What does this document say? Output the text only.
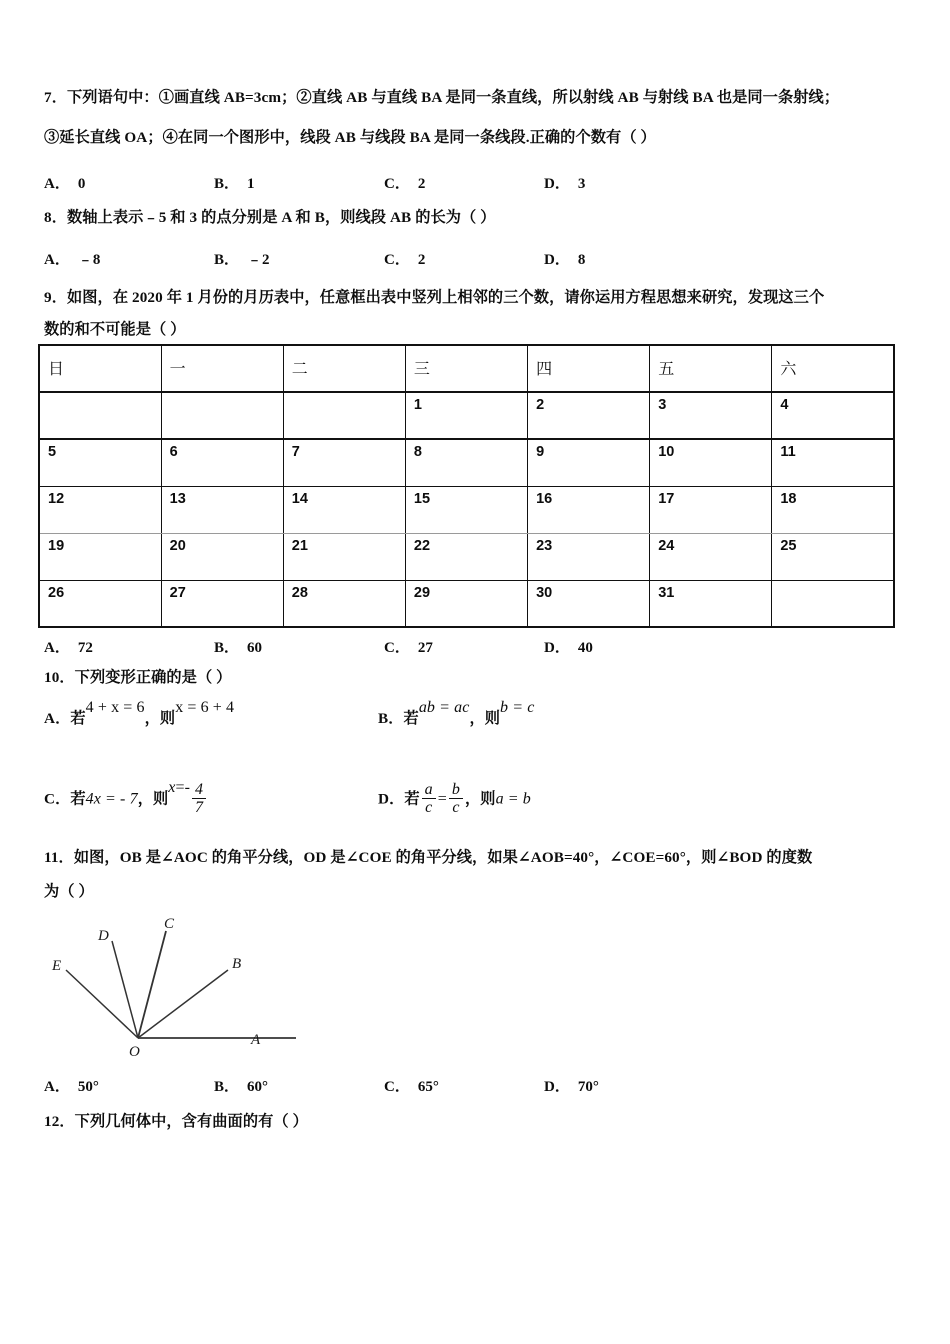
7．下列语句中：①画直线 AB=3cm；②直线 AB 与直线 BA 是同一条直线，所以射线 AB 与射线 BA 也是同一条射线；
③延长直线 OA；④在同一个图形中，线段 AB 与线段 BA 是同一条线段.正确的个数有（ ）
A． 0	B． 1	C． 2	D． 3
8．数轴上表示﹣5 和 3 的点分别是 A 和 B，则线段 AB 的长为（ ）
A． ﹣8	B． ﹣2	C． 2	D． 8
9．如图，在 2020 年 1 月份的月历表中，任意框出表中竖列上相邻的三个数，请你运用方程思想来研究，发现这三个
数的和不可能是（ ）
日	一	二	三	四	五	六
			1	2	3	4
5	6	7	8	9	10	11
12	13	14	15	16	17	18
19	20	21	22	23	24	25
26	27	28	29	30	31	
A． 72	B． 60	C． 27	D． 40
10．下列变形正确的是（ ）
A．若4 + x = 6，则x = 6 + 4
B．若ab = ac，则b = c
C．若4x = - 7，则$x=- \frac{4}{7}$	D．若 $\frac{a}{c} = \frac{b}{c}$ ，则a = b
11．如图，OB 是∠AOC 的角平分线，OD 是∠COE 的角平分线，如果∠AOB=40°，∠COE=60°，则∠BOD 的度数
为（ ）
A
B
C
D
E
O
A． 50°	B． 60°	C． 65°	D． 70°
12．下列几何体中，含有曲面的有（ ）
